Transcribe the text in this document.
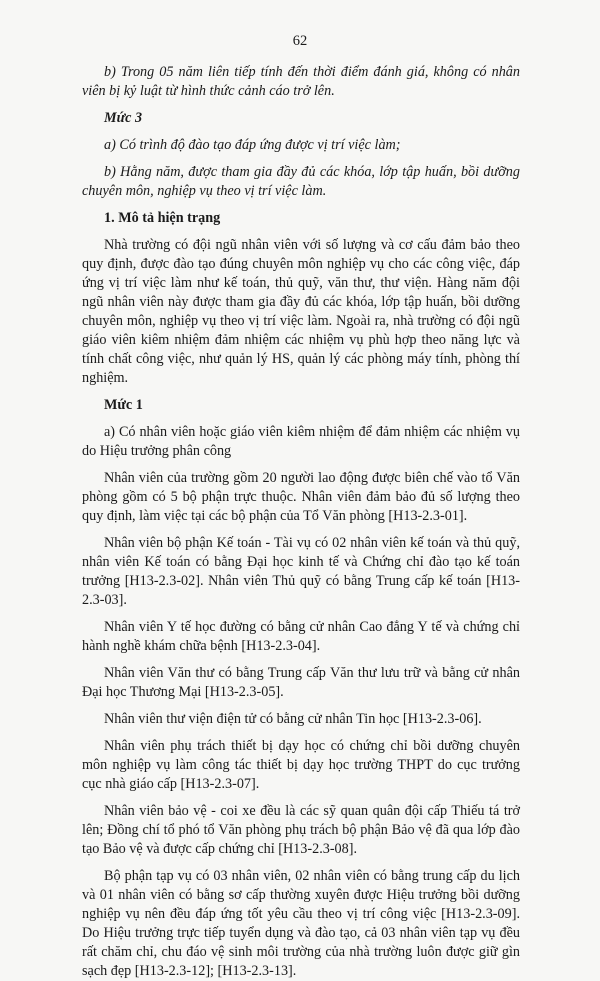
62

b) Trong 05 năm liên tiếp tính đến thời điểm đánh giá, không có nhân viên bị kỷ luật từ hình thức cảnh cáo trở lên.

Mức 3

a) Có trình độ đào tạo đáp ứng được vị trí việc làm;

b) Hằng năm, được tham gia đầy đủ các khóa, lớp tập huấn, bồi dưỡng chuyên môn, nghiệp vụ theo vị trí việc làm.

1. Mô tả hiện trạng

Nhà trường có đội ngũ nhân viên với số lượng và cơ cấu đảm bảo theo quy định, được đào tạo đúng chuyên môn nghiệp vụ cho các công việc, đáp ứng vị trí việc làm như kế toán, thủ quỹ, văn thư, thư viện. Hàng năm đội ngũ nhân viên này được tham gia đầy đủ các khóa, lớp tập huấn, bồi dưỡng chuyên môn, nghiệp vụ theo vị trí việc làm. Ngoài ra, nhà trường có đội ngũ giáo viên kiêm nhiệm đảm nhiệm các nhiệm vụ phù hợp theo năng lực và tính chất công việc, như quản lý HS, quản lý các phòng máy tính, phòng thí nghiệm.

Mức 1

a) Có nhân viên hoặc giáo viên kiêm nhiệm để đảm nhiệm các nhiệm vụ do Hiệu trưởng phân công

Nhân viên của trường gồm 20 người lao động được biên chế vào tổ Văn phòng gồm có 5 bộ phận trực thuộc. Nhân viên đảm bảo đủ số lượng theo quy định, làm việc tại các bộ phận của Tổ Văn phòng [H13-2.3-01].

Nhân viên bộ phận Kế toán - Tài vụ có 02 nhân viên kế toán và thủ quỹ, nhân viên Kế toán có bằng Đại học kinh tế và Chứng chỉ đào tạo kế toán trưởng [H13-2.3-02]. Nhân viên Thủ quỹ có bằng Trung cấp kế toán [H13-2.3-03].

Nhân viên Y tế học đường có bằng cử nhân Cao đẳng Y tế và chứng chỉ hành nghề khám chữa bệnh [H13-2.3-04].

Nhân viên Văn thư có bằng Trung cấp Văn thư lưu trữ và bằng cử nhân Đại học Thương Mại [H13-2.3-05].

Nhân viên thư viện điện tử có bằng cử nhân Tin học [H13-2.3-06].

Nhân viên phụ trách thiết bị dạy học có chứng chỉ bồi dưỡng chuyên môn nghiệp vụ làm công tác thiết bị dạy học trường THPT do cục trưởng cục nhà giáo cấp [H13-2.3-07].

Nhân viên bảo vệ - coi xe đều là các sỹ quan quân đội cấp Thiếu tá trở lên; Đồng chí tổ phó tổ Văn phòng phụ trách bộ phận Bảo vệ đã qua lớp đào tạo Bảo vệ và được cấp chứng chỉ [H13-2.3-08].

Bộ phận tạp vụ có 03 nhân viên, 02 nhân viên có bằng trung cấp du lịch và 01 nhân viên có bằng sơ cấp thường xuyên được Hiệu trưởng bồi dưỡng nghiệp vụ nên đều đáp ứng tốt yêu cầu theo vị trí công việc [H13-2.3-09]. Do Hiệu trưởng trực tiếp tuyển dụng và đào tạo, cả 03 nhân viên tạp vụ đều rất chăm chỉ, chu đáo vệ sinh môi trường của nhà trường luôn được giữ gìn sạch đẹp [H13-2.3-12]; [H13-2.3-13].
